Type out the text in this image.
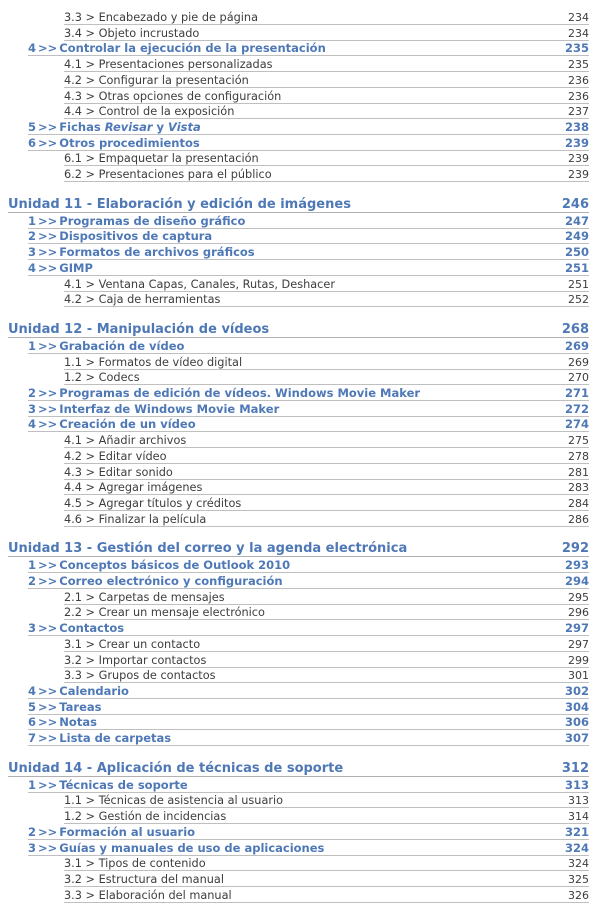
3.3 > Encabezado y pie de página	234
3.4 > Objeto incrustado	234
4 >> Controlar la ejecución de la presentación	235
4.1 > Presentaciones personalizadas	235
4.2 > Configurar la presentación	236
4.3 > Otras opciones de configuración	236
4.4 > Control de la exposición	237
5 >> Fichas Revisar y Vista	238
6 >> Otros procedimientos	239
6.1 > Empaquetar la presentación	239
6.2 > Presentaciones para el público	239
Unidad 11 - Elaboración y edición de imágenes	246
1 >> Programas de diseño gráfico	247
2 >> Dispositivos de captura	249
3 >> Formatos de archivos gráficos	250
4 >> GIMP	251
4.1 > Ventana Capas, Canales, Rutas, Deshacer	251
4.2 > Caja de herramientas	252
Unidad 12 - Manipulación de vídeos	268
1 >> Grabación de vídeo	269
1.1 > Formatos de vídeo digital	269
1.2 > Codecs	270
2 >> Programas de edición de vídeos. Windows Movie Maker	271
3 >> Interfaz de Windows Movie Maker	272
4 >> Creación de un vídeo	274
4.1 > Añadir archivos	275
4.2 > Editar vídeo	278
4.3 > Editar sonido	281
4.4 > Agregar imágenes	283
4.5 > Agregar títulos y créditos	284
4.6 > Finalizar la película	286
Unidad 13 - Gestión del correo y la agenda electrónica	292
1 >> Conceptos básicos de Outlook 2010	293
2 >> Correo electrónico y configuración	294
2.1 > Carpetas de mensajes	295
2.2 > Crear un mensaje electrónico	296
3 >> Contactos	297
3.1 > Crear un contacto	297
3.2 > Importar contactos	299
3.3 > Grupos de contactos	301
4 >> Calendario	302
5 >> Tareas	304
6 >> Notas	306
7 >> Lista de carpetas	307
Unidad 14 - Aplicación de técnicas de soporte	312
1 >> Técnicas de soporte	313
1.1 > Técnicas de asistencia al usuario	313
1.2 > Gestión de incidencias	314
2 >> Formación al usuario	321
3 >> Guías y manuales de uso de aplicaciones	324
3.1 > Tipos de contenido	324
3.2 > Estructura del manual	325
3.3 > Elaboración del manual	326
